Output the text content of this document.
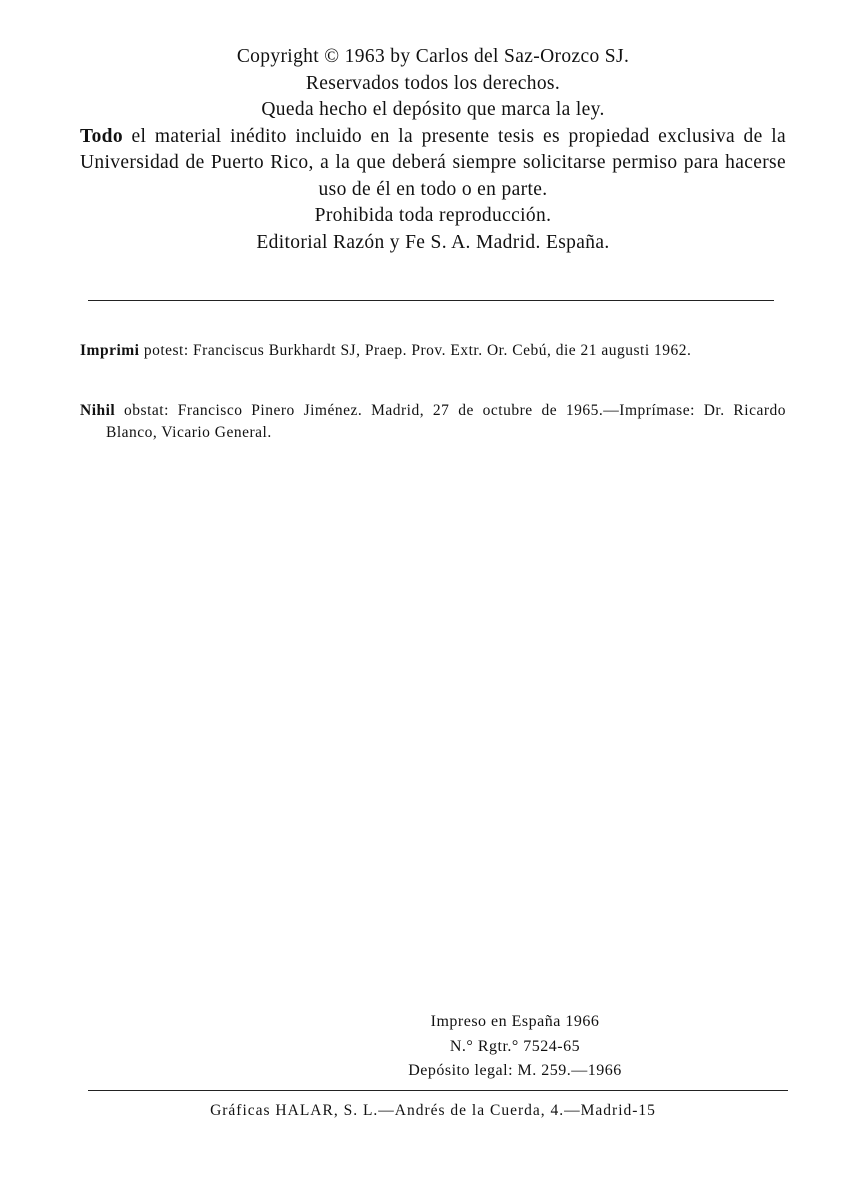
Copyright © 1963 by Carlos del Saz-Orozco SJ.
Reservados todos los derechos.
Queda hecho el depósito que marca la ley.
Todo el material inédito incluido en la presente tesis es propiedad exclusiva de la Universidad de Puerto Rico, a la que deberá siempre solicitarse permiso para hacerse uso de él en todo o en parte.
Prohibida toda reproducción.
Editorial Razón y Fe S. A. Madrid. España.
Imprimi potest: Franciscus Burkhardt SJ, Praep. Prov. Extr. Or. Cebú, die 21 augusti 1962.
Nihil obstat: Francisco Pinero Jiménez. Madrid, 27 de octubre de 1965.—Imprímase: Dr. Ricardo Blanco, Vicario General.
Impreso en España 1966
N.° Rgtr.° 7524-65
Depósito legal: M. 259.—1966
Gráficas HALAR, S. L.—Andrés de la Cuerda, 4.—Madrid-15
